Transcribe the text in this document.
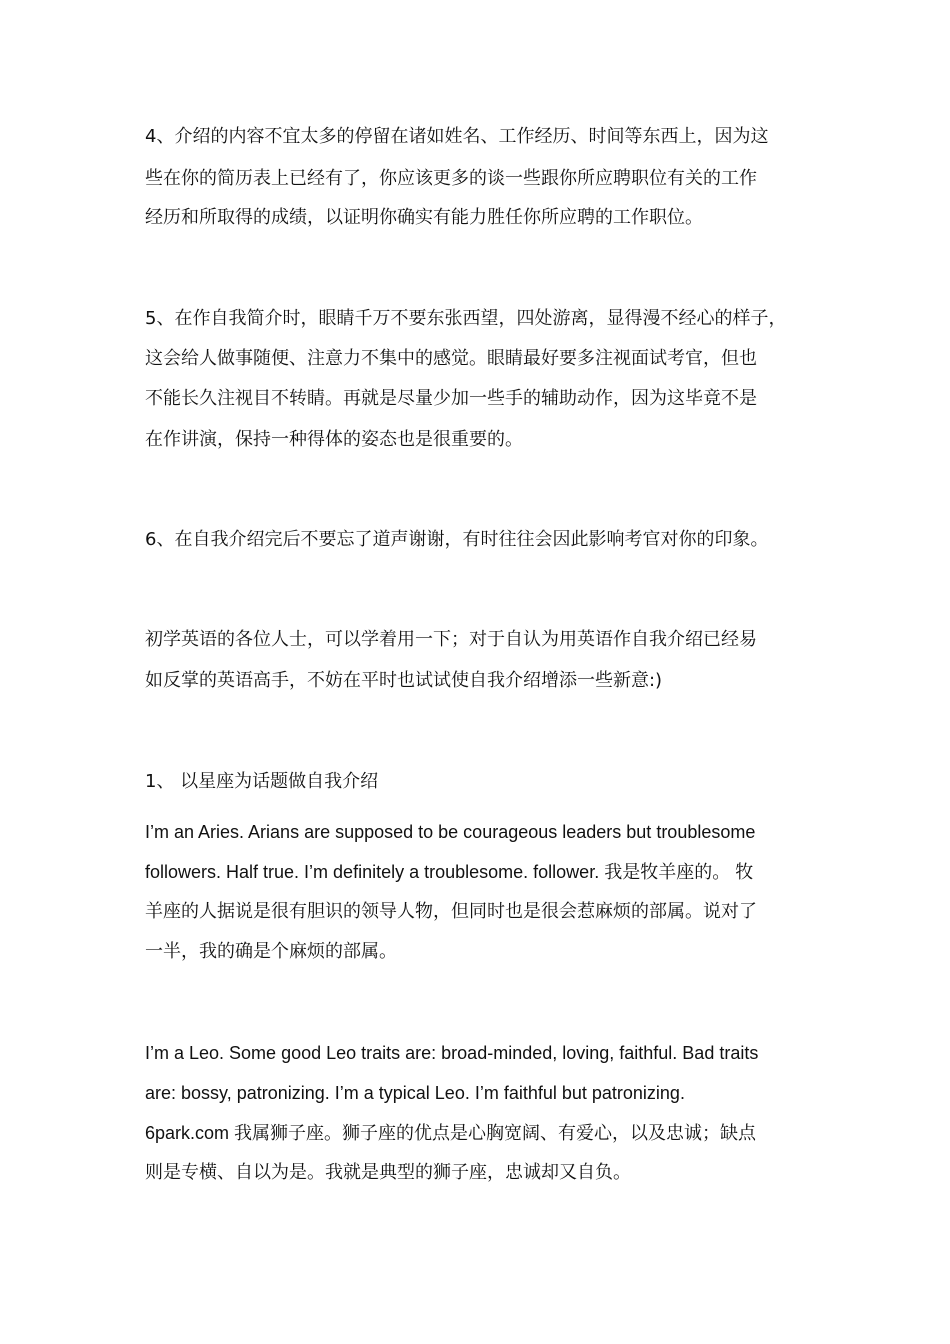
4、介绍的内容不宜太多的停留在诸如姓名、工作经历、时间等东西上，因为这

些在你的简历表上已经有了，你应该更多的谈一些跟你所应聘职位有关的工作

经历和所取得的成绩，以证明你确实有能力胜任你所应聘的工作职位。

5、在作自我简介时，眼睛千万不要东张西望，四处游离，显得漫不经心的样子，

这会给人做事随便、注意力不集中的感觉。眼睛最好要多注视面试考官，但也

不能长久注视目不转睛。再就是尽量少加一些手的辅助动作，因为这毕竟不是

在作讲演，保持一种得体的姿态也是很重要的。

6、在自我介绍完后不要忘了道声谢谢，有时往往会因此影响考官对你的印象。

初学英语的各位人士，可以学着用一下；对于自认为用英语作自我介绍已经易

如反掌的英语高手，不妨在平时也试试使自我介绍增添一些新意:)

1、 以星座为话题做自我介绍

I’m an Aries. Arians are supposed to be courageous leaders but troublesome

followers. Half true. I’m definitely a troublesome. follower. 我是牧羊座的。 牧

羊座的人据说是很有胆识的领导人物，但同时也是很会惹麻烦的部属。说对了

一半，我的确是个麻烦的部属。

I’m a Leo. Some good Leo traits are: broad-minded, loving, faithful. Bad traits

are: bossy, patronizing. I’m a typical Leo. I’m faithful but patronizing.

6park.com 我属狮子座。狮子座的优点是心胸宽阔、有爱心，以及忠诚；缺点

则是专横、自以为是。我就是典型的狮子座，忠诚却又自负。
